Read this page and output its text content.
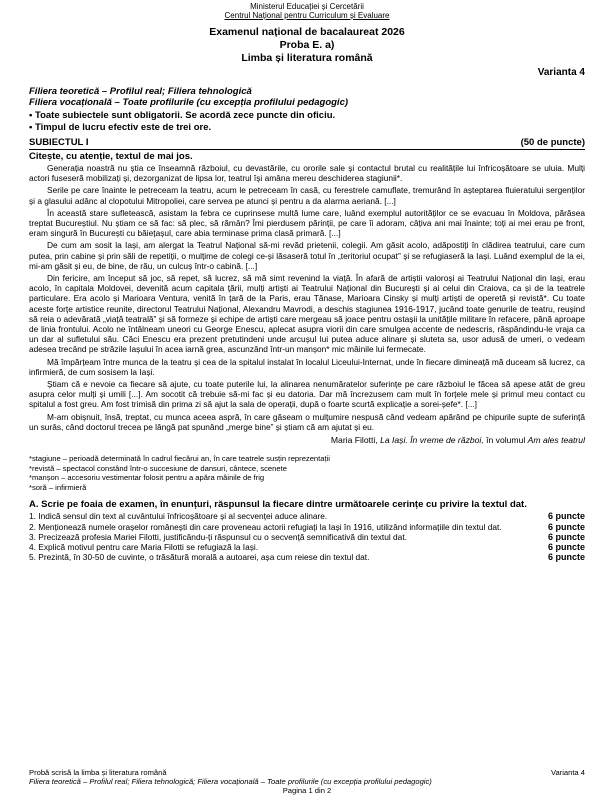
Ministerul Educației și Cercetării
Centrul Național pentru Curriculum și Evaluare
Examenul național de bacalaureat 2026
Proba E. a)
Limba și literatura română
Varianta 4
Filiera teoretică – Profilul real; Filiera tehnologică
Filiera vocațională – Toate profilurile (cu excepția profilului pedagogic)
• Toate subiectele sunt obligatorii. Se acordă zece puncte din oficiu.
• Timpul de lucru efectiv este de trei ore.
SUBIECTUL I	(50 de puncte)
Citește, cu atenție, textul de mai jos.

Generația noastră nu știa ce înseamnă războiul, cu devastările, cu ororile sale și contactul brutal cu realitățile lui înfricoșătoare se uluia. Mulți actori fuseseră mobilizați și, dezorganizat de lipsa lor, teatrul își amâna mereu deschiderea stagiunii*.

Serile pe care înainte le petreceam la teatru, acum le petreceam în casă, cu ferestrele camuflate, tremurând în așteptarea fluieratului sergenților și a glasului adânc al clopotului Mitropoliei, care servea pe atunci și pentru a da alarma aeriană. [...]

În această stare sufletească, asistam la febra ce cuprinsese multă lume care, luând exemplul autorităților ce se evacuau în Moldova, părăsea treptat Bucureștiul. Nu știam ce să fac: să plec, să rămân? Îmi pierdusem părinții, pe care îi adoram, câțiva ani mai înainte; toți ai mei erau pe front, eram singură în București cu băiețașul, care abia terminase prima clasă primară. [...]

De cum am sosit la Iași, am alergat la Teatrul Național să-mi revăd prietenii, colegii. Am găsit acolo, adăpostiți în clădirea teatrului, care cum putea, prin cabine și prin săli de repetiții, o mulțime de colegi ce-și lăsaseră totul în „teritoriul ocupat” și se refugiaseră la Iași. Luând exemplul de la ei, mi-am găsit și eu, de bine, de rău, un culcuș într-o cabină. [...]

Din fericire, am început să joc, să repet, să lucrez, să mă simt revenind la viață. În afară de artiștii valoroși ai Teatrului Național din Iași, erau acolo, în capitala Moldovei, devenită acum capitala țării, mulți artiști ai Teatrului Național din București și ai celui din Craiova, ca și de la teatrele particulare. Era acolo și Marioara Ventura, venită în țară de la Paris, erau Tănase, Marioara Cinsky și mulți artiști de operetă și revistă*. Cu toate aceste forțe artistice reunite, directorul Teatrului Național, Alexandru Mavrodi, a deschis stagiunea 1916-1917, jucând toate genurile de teatru, reușind să reia o adevărată „viață teatrală” și să formeze și echipe de artiști care mergeau să joace pentru ostașii la unitățile militare în refacere, până aproape de linia frontului. Acolo ne întâlneam uneori cu George Enescu, aplecat asupra viorii din care smulgea accente de nedescris, răspândindu-le vraja ca un dar al sufletului său. Căci Enescu era prezent pretutindeni unde arcușul lui putea aduce alinare și sluteta sa, usor adusă de umeri, o vedeam adesea trecând pe străzile Iașului în acea iarnă grea, ascunzând într-un manșon* mic mâinile lui fermecate.

Mă împărțeam între munca de la teatru și cea de la spitalul instalat în localul Liceului-Internat, unde în fiecare dimineață mă duceam să lucrez, ca infirmieră, de cum sosisem la Iași.

Știam că e nevoie ca fiecare să ajute, cu toate puterile lui, la alinarea nenumăratelor suferințe pe care războiul le făcea să apese atât de greu asupra celor mulți și umili [...]. Am socotit că trebuie să-mi fac și eu datoria. Dar mă încrezusem cam mult în forțele mele și primul meu contact cu spitalul a fost greu. Am fost trimisă din prima zi să ajut la sala de operații, după o foarte scurtă explicație a sorei-șefe*. [...]

M-am obișnuit, însă, treptat, cu munca aceea aspră, în care găseam o mulțumire nespusă când vedeam apărând pe chipurile supte de suferință un surâs, când doctorul trecea pe lângă pat spunând „merge bine” și știam că am ajutat și eu.

Maria Filotti, La Iași. În vreme de război, în volumul Am ales teatrul
*stagiune – perioadă determinată în cadrul fiecărui an, în care teatrele susțin reprezentații
*revistă – spectacol constând într-o succesiune de dansuri, cântece, scenete
*manșon – accesoriu vestimentar folosit pentru a apăra mâinile de frig
*soră – infirmieră
A. Scrie pe foaia de examen, în enunțuri, răspunsul la fiecare dintre următoarele cerințe cu privire la textul dat.
1. Indică sensul din text al cuvântului înfricoșătoare și al secvenței aduce alinare.	6 puncte
2. Menționează numele orașelor românești din care proveneau actorii refugiați la Iași în 1916, utilizând informațiile din textul dat.	6 puncte
3. Precizează profesia Mariei Filotti, justificându-ți răspunsul cu o secvență semnificativă din textul dat.	6 puncte
4. Explică motivul pentru care Maria Filotti se refugiază la Iași.	6 puncte
5. Prezintă, în 30-50 de cuvinte, o trăsătură morală a autoarei, așa cum reiese din textul dat.	6 puncte
Probă scrisă la limba și literatura română	Varianta 4
Filiera teoretică – Profilul real; Filiera tehnologică; Filiera vocațională – Toate profilurile (cu excepția profilului pedagogic)
Pagina 1 din 2
